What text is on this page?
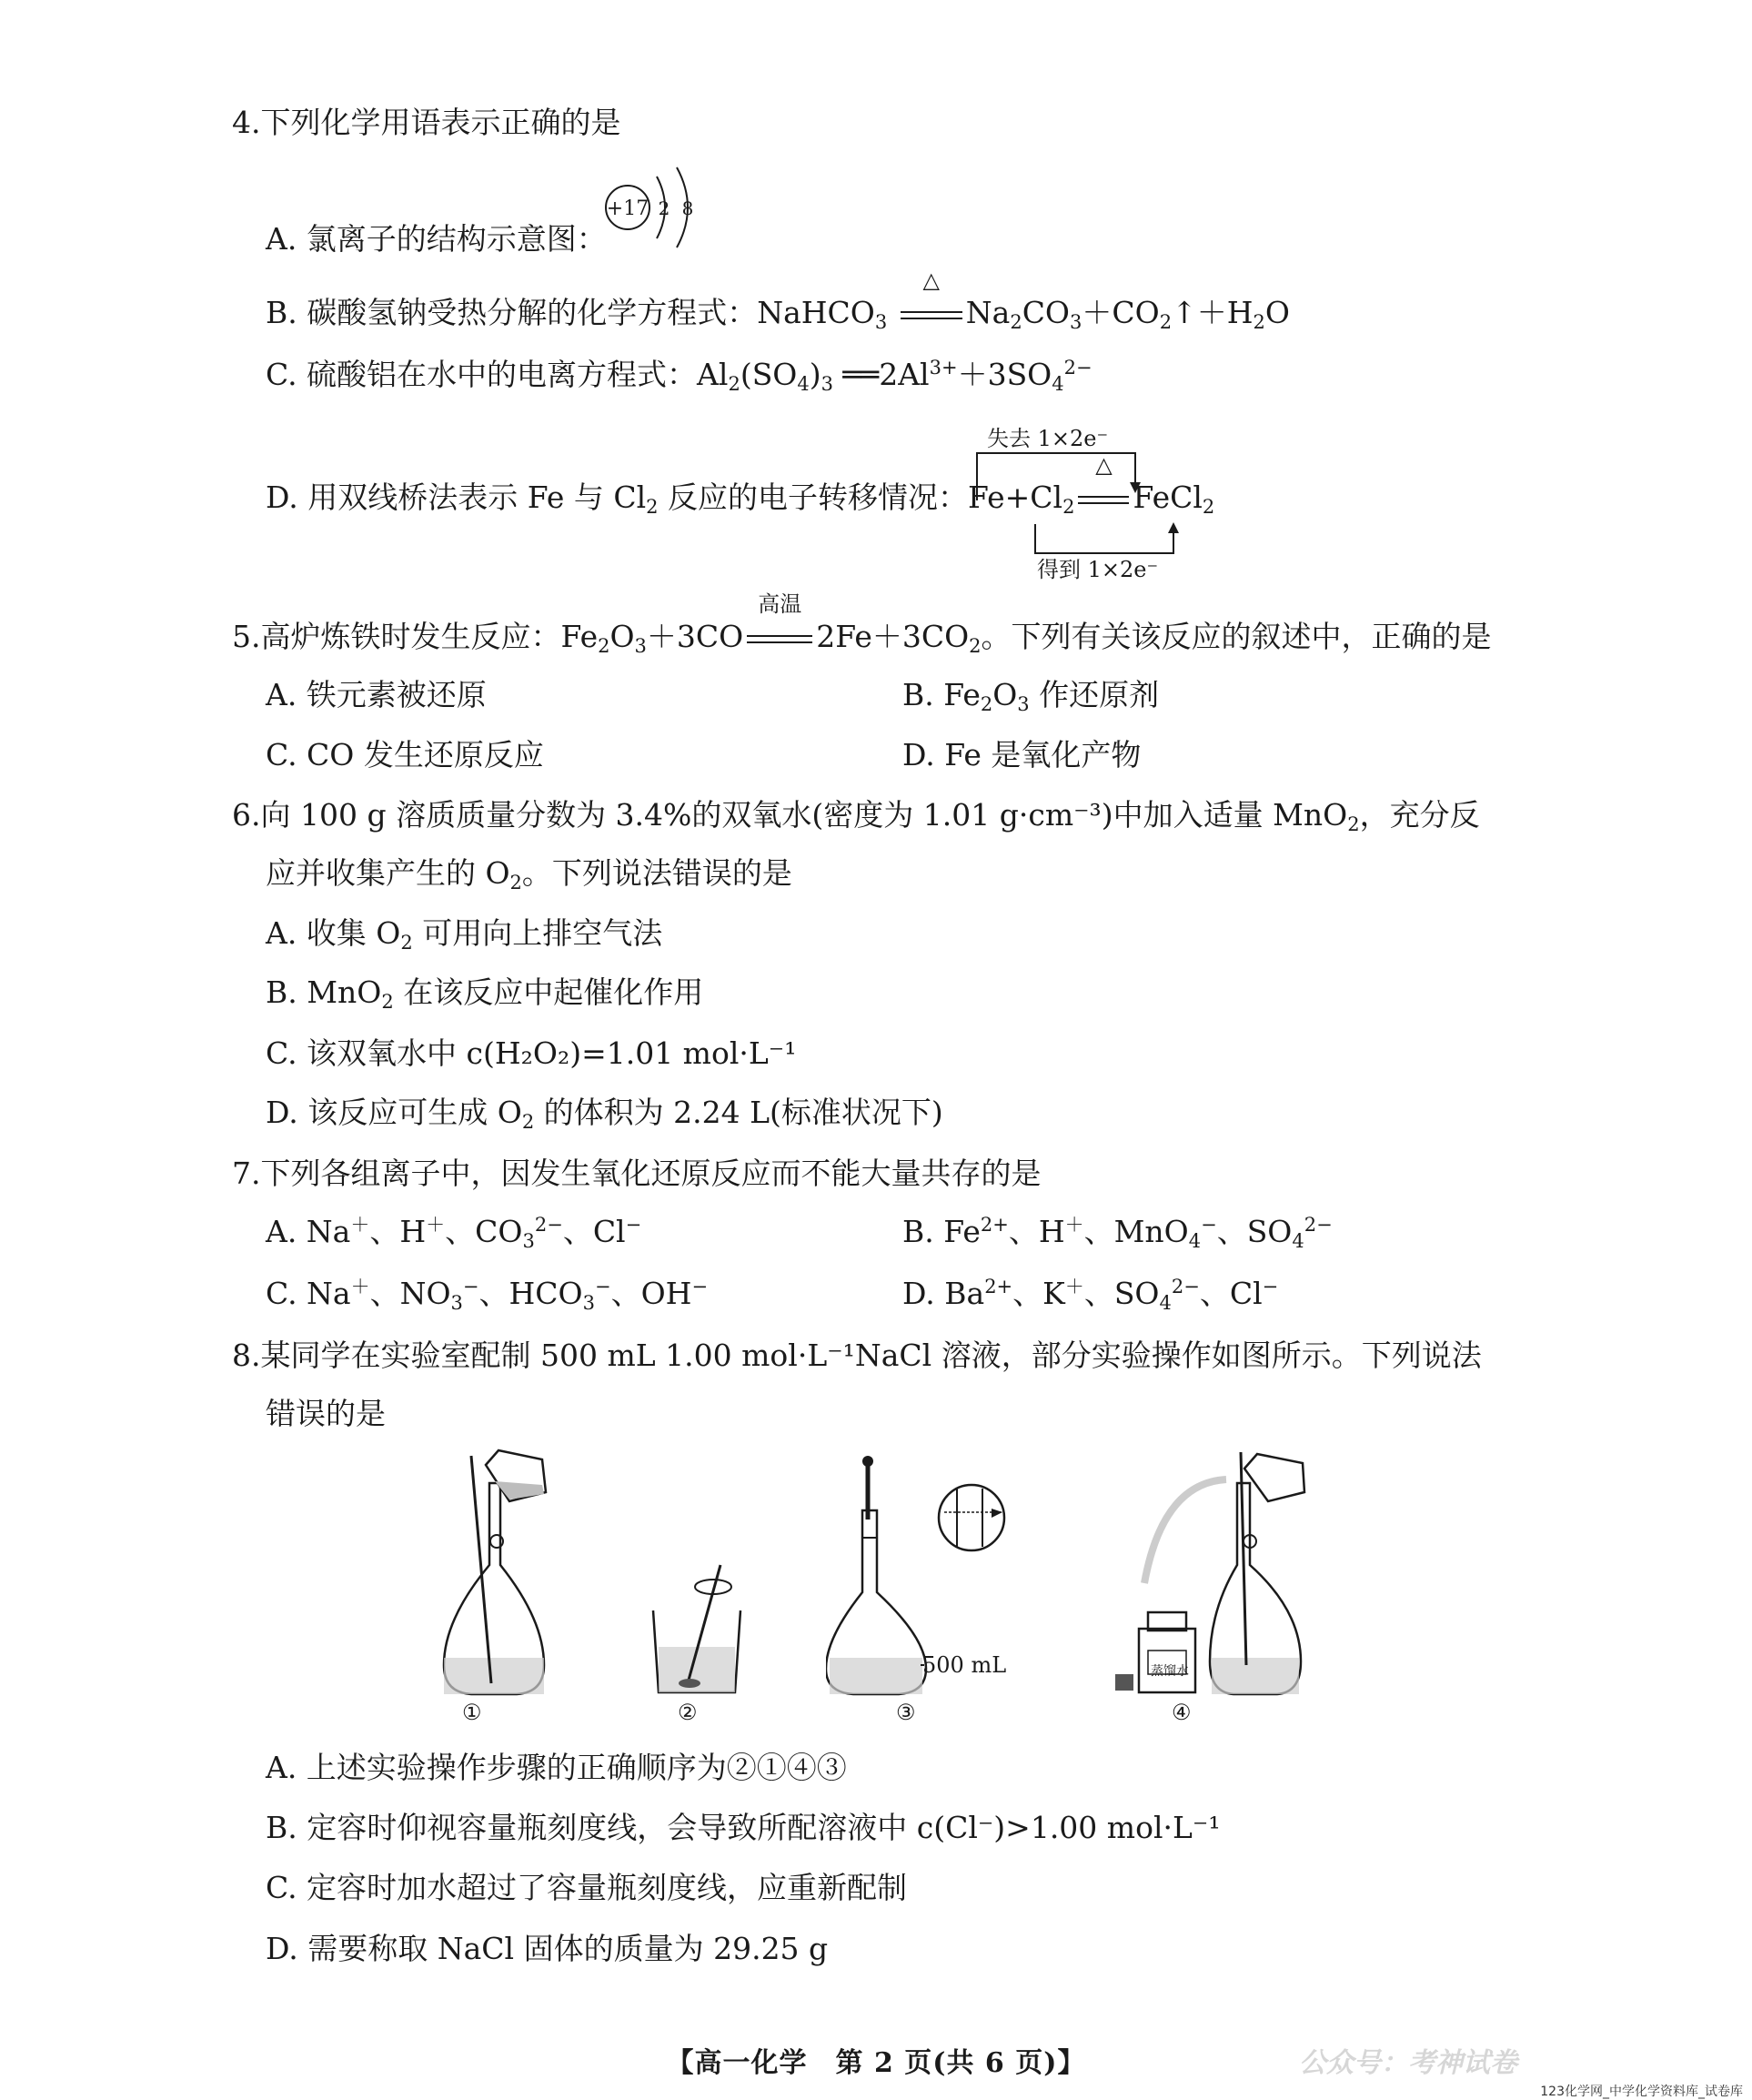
4.下列化学用语表示正确的是
A. 氯离子的结构示意图：
+17 2 8
B. 碳酸氢钠受热分解的化学方程式：NaHCO$_3$
△
$Na_2CO_3+CO_2↑+H_2O$
C. 硫酸铝在水中的电离方程式：$Al_2(SO_4)_3$ $══2Al^{3+}+3SO_4^{2-}$
失去 1×2e⁻
D. 用双线桥法表示 Fe 与 $Cl_2$ 反应的电子转移情况：$Fe+Cl_2$
△
FeCl$_2$
得到 1×2e⁻
5.高炉炼铁时发生反应：$Fe_2O_3+3CO$
高温
$2Fe+3CO_2$。下列有关该反应的叙述中，正确的是
A. 铁元素被还原	B. $Fe_2O_3$ 作还原剂
C. CO 发生还原反应	D. Fe 是氧化产物
6.向 100 g 溶质质量分数为 3.4%的双氧水(密度为 1.01 g·cm⁻³)中加入适量 MnO$_2$，充分反
应并收集产生的 $O_2$。下列说法错误的是
A. 收集 $O_2$ 可用向上排空气法
B. MnO$_2$ 在该反应中起催化作用
C. 该双氧水中 c(H₂O₂)=1.01 mol·L⁻¹
D. 该反应可生成 $O_2$ 的体积为 2.24 L(标准状况下)
7.下列各组离子中，因发生氧化还原反应而不能大量共存的是
A. Na＋、H＋、$CO_3^{2-}$、Cl−	B. $Fe^{2+}$、H＋、MnO$_4$−、$SO_4^{2-}$
C. Na＋、$NO_3^-$、$HCO_3^-$、OH−	D. $Ba^{2+}$、K＋、$SO_4^{2-}$、Cl−
8.某同学在实验室配制 500 mL 1.00 mol·L⁻¹NaCl 溶液，部分实验操作如图所示。下列说法
错误的是
①	②
500 mL
③
蒸馏水
④
A. 上述实验操作步骤的正确顺序为②①④③
B. 定容时仰视容量瓶刻度线，会导致所配溶液中 c(Cl⁻)>1.00 mol·L⁻¹
C. 定容时加水超过了容量瓶刻度线，应重新配制
D. 需要称取 NaCl 固体的质量为 29.25 g
【高一化学　第 2 页(共 6 页)】	公众号：考神试卷
123化学网_中学化学资料库_试卷库
